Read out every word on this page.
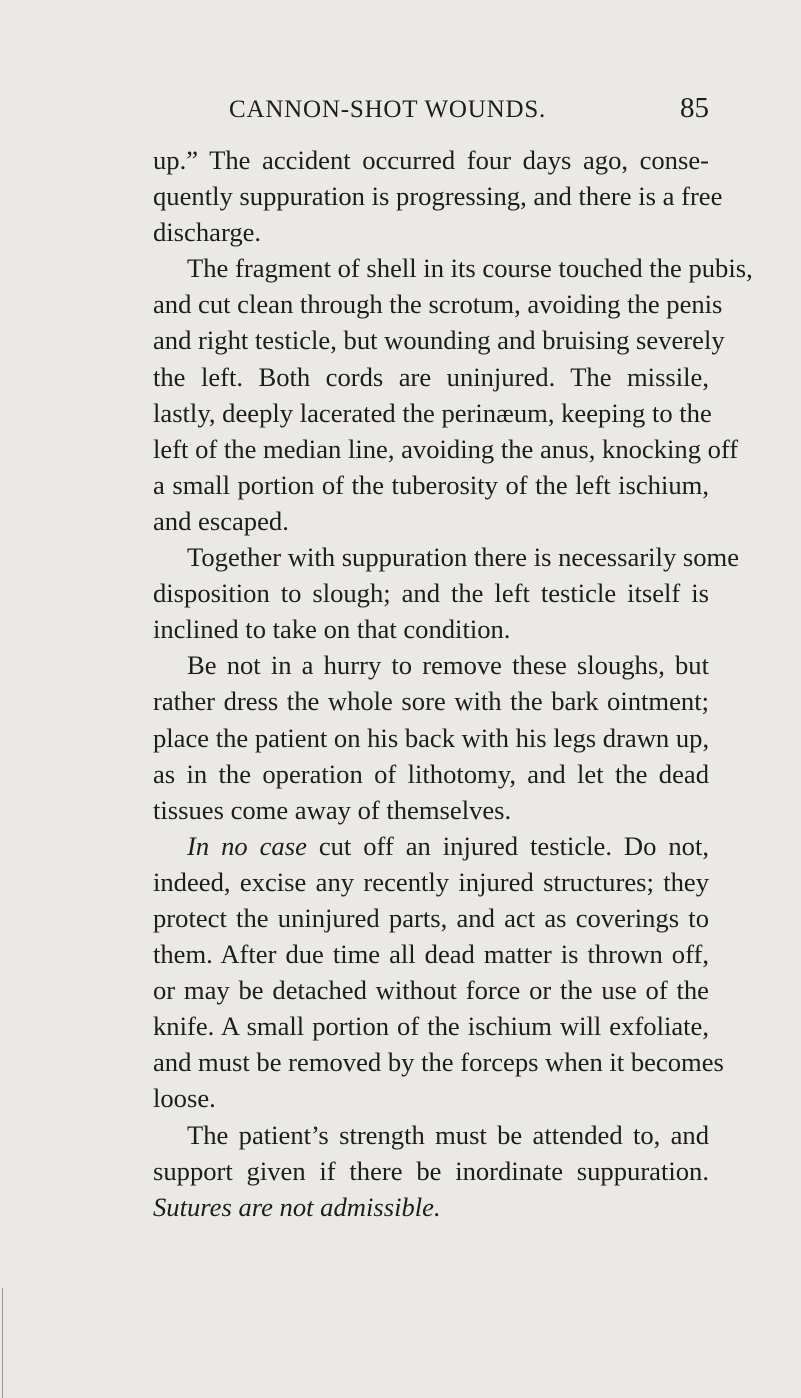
CANNON-SHOT WOUNDS.	85
up.” The accident occurred four days ago, conse-
quently suppuration is progressing, and there is a free
discharge.
The fragment of shell in its course touched the pubis,
and cut clean through the scrotum, avoiding the penis
and right testicle, but wounding and bruising severely
the left. Both cords are uninjured. The missile,
lastly, deeply lacerated the perinæum, keeping to the
left of the median line, avoiding the anus, knocking off
a small portion of the tuberosity of the left ischium,
and escaped.
Together with suppuration there is necessarily some
disposition to slough; and the left testicle itself is
inclined to take on that condition.
Be not in a hurry to remove these sloughs, but
rather dress the whole sore with the bark ointment;
place the patient on his back with his legs drawn up,
as in the operation of lithotomy, and let the dead
tissues come away of themselves.
In no case cut off an injured testicle. Do not,
indeed, excise any recently injured structures; they
protect the uninjured parts, and act as coverings to
them. After due time all dead matter is thrown off,
or may be detached without force or the use of the
knife. A small portion of the ischium will exfoliate,
and must be removed by the forceps when it becomes
loose.
The patient’s strength must be attended to, and
support given if there be inordinate suppuration.
Sutures are not admissible.
